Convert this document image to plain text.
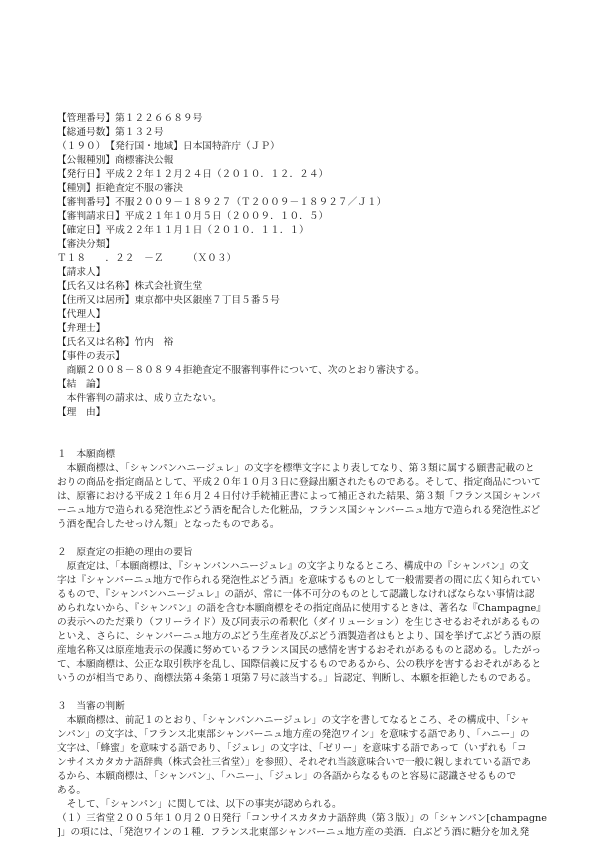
【管理番号】第１２２６６８９号
【総通号数】第１３２号
（１９０）　【発行国・地域】日本国特許庁（ＪＰ）
【公報種別】商標審決公報
【発行日】平成２２年１２月２４日（２０１０．１２．２４）
【種別】拒絶査定不服の審決
【審判番号】不服２００９－１８９２７（Ｔ２００９－１８９２７／Ｊ１）
【審判請求日】平成２１年１０月５日（２００９．１０．５）
【確定日】平成２２年１１月１日（２０１０．１１．１）
【審決分類】
Ｔ１８　　．２２　－Ｚ　　　（Ｘ０３）
【請求人】
【氏名又は名称】株式会社資生堂
【住所又は居所】東京都中央区銀座７丁目５番５号
【代理人】
【弁理士】
【氏名又は名称】竹内　裕
【事件の表示】
　商願２００８－８０８９４拒絶査定不服審判事件について、次のとおり審決する。
【結　論】
　本件審判の請求は、成り立たない。
【理　由】

１　本願商標
　本願商標は、「シャンパンハニージュレ」の文字を標準文字により表してなり、第３類に属する願書記載のと
おりの商品を指定商品として、平成２０年１０月３日に登録出願されたものである。そして、指定商品について
は、原審における平成２１年６月２４日付け手続補正書によって補正された結果、第３類「フランス国シャンパ
ーニュ地方で造られる発泡性ぶどう酒を配合した化粧品，フランス国シャンパーニュ地方で造られる発泡性ぶど
う酒を配合したせっけん類」となったものである。
２　原査定の拒絶の理由の要旨
　原査定は、「本願商標は、『シャンパンハニージュレ』の文字よりなるところ、構成中の『シャンパン』の文
字は『シャンパーニュ地方で作られる発泡性ぶどう酒』を意味するものとして一般需要者の間に広く知られてい
るもので、『シャンパンハニージュレ』の語が、常に一体不可分のものとして認識しなければならない事情は認
められないから、『シャンパン』の語を含む本願商標をその指定商品に使用するときは、著名な『Champagne』
の表示へのただ乗り（フリーライド）及び同表示の希釈化（ダイリューション）を生じさせるおそれがあるもの
といえ、さらに、シャンパーニュ地方のぶどう生産者及びぶどう酒製造者はもとより、国を挙げてぶどう酒の原
産地名称又は原産地表示の保護に努めているフランス国民の感情を害するおそれがあるものと認める。したがっ
て、本願商標は、公正な取引秩序を乱し、国際信義に反するものであるから、公の秩序を害するおそれがあると
いうのが相当であり、商標法第４条第１項第７号に該当する。」旨認定、判断し、本願を拒絶したものである。
３　当審の判断
　本願商標は、前記１のとおり、「シャンパンハニージュレ」の文字を書してなるところ、その構成中、「シャ
ンパン」の文字は、「フランス北東部シャンパーニュ地方産の発泡ワイン」を意味する語であり、「ハニー」の
文字は、「蜂蜜」を意味する語であり、「ジュレ」の文字は、「ゼリー」を意味する語であって（いずれも「コ
ンサイスカタカナ語辞典（株式会社三省堂）」を参照）、それぞれ当該意味合いで一般に親しまれている語であ
るから、本願商標は、「シャンパン」、「ハニー」、「ジュレ」の各語からなるものと容易に認識させるもので
ある。
　そして、「シャンパン」に関しては、以下の事実が認められる。
（１）三省堂２００５年１０月２０日発行「コンサイスカタカナ語辞典（第３版）」の「シャンパン[champagne
]」の項には、「発泡ワインの１種．フランス北東部シャンパーニュ地方産の美酒．白ぶどう酒に糖分を加え発
